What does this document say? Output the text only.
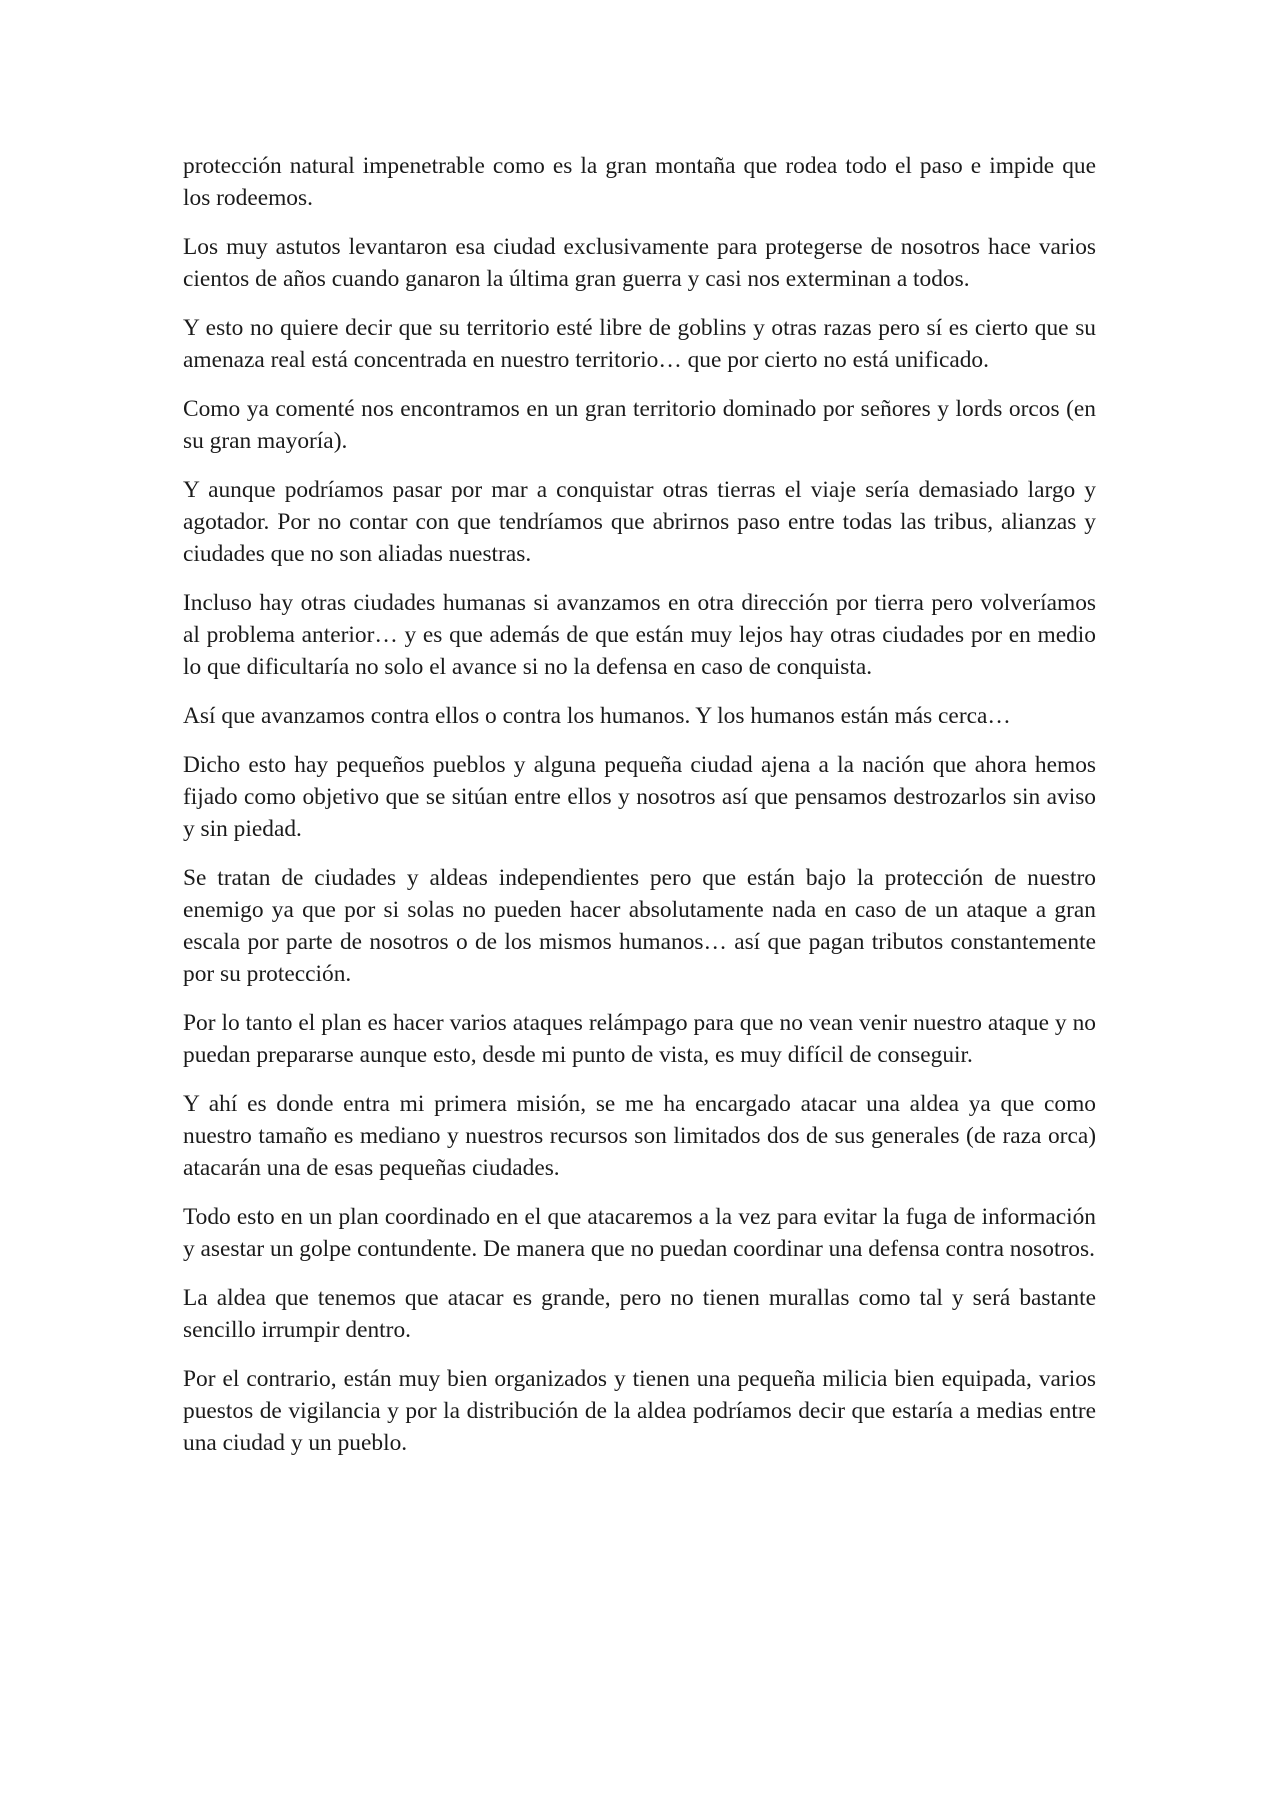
protección natural impenetrable como es la gran montaña que rodea todo el paso e impide que los rodeemos.

Los muy astutos levantaron esa ciudad exclusivamente para protegerse de nosotros hace varios cientos de años cuando ganaron la última gran guerra y casi nos exterminan a todos.

Y esto no quiere decir que su territorio esté libre de goblins y otras razas pero sí es cierto que su amenaza real está concentrada en nuestro territorio… que por cierto no está unificado.

Como ya comenté nos encontramos en un gran territorio dominado por señores y lords orcos (en su gran mayoría).

Y aunque podríamos pasar por mar a conquistar otras tierras el viaje sería demasiado largo y agotador. Por no contar con que tendríamos que abrirnos paso entre todas las tribus, alianzas y ciudades que no son aliadas nuestras.

Incluso hay otras ciudades humanas si avanzamos en otra dirección por tierra pero volveríamos al problema anterior… y es que además de que están muy lejos hay otras ciudades por en medio lo que dificultaría no solo el avance si no la defensa en caso de conquista.

Así que avanzamos contra ellos o contra los humanos. Y los humanos están más cerca…

Dicho esto hay pequeños pueblos y alguna pequeña ciudad ajena a la nación que ahora hemos fijado como objetivo que se sitúan entre ellos y nosotros así que pensamos destrozarlos sin aviso y sin piedad.

Se tratan de ciudades y aldeas independientes pero que están bajo la protección de nuestro enemigo ya que por si solas no pueden hacer absolutamente nada en caso de un ataque a gran escala por parte de nosotros o de los mismos humanos… así que pagan tributos constantemente por su protección.

Por lo tanto el plan es hacer varios ataques relámpago para que no vean venir nuestro ataque y no puedan prepararse aunque esto, desde mi punto de vista, es muy difícil de conseguir.

Y ahí es donde entra mi primera misión, se me ha encargado atacar una aldea ya que como nuestro tamaño es mediano y nuestros recursos son limitados dos de sus generales (de raza orca) atacarán una de esas pequeñas ciudades.

Todo esto en un plan coordinado en el que atacaremos a la vez para evitar la fuga de información y asestar un golpe contundente. De manera que no puedan coordinar una defensa contra nosotros.

La aldea que tenemos que atacar es grande, pero no tienen murallas como tal y será bastante sencillo irrumpir dentro.

Por el contrario, están muy bien organizados y tienen una pequeña milicia bien equipada, varios puestos de vigilancia y por la distribución de la aldea podríamos decir que estaría a medias entre una ciudad y un pueblo.
